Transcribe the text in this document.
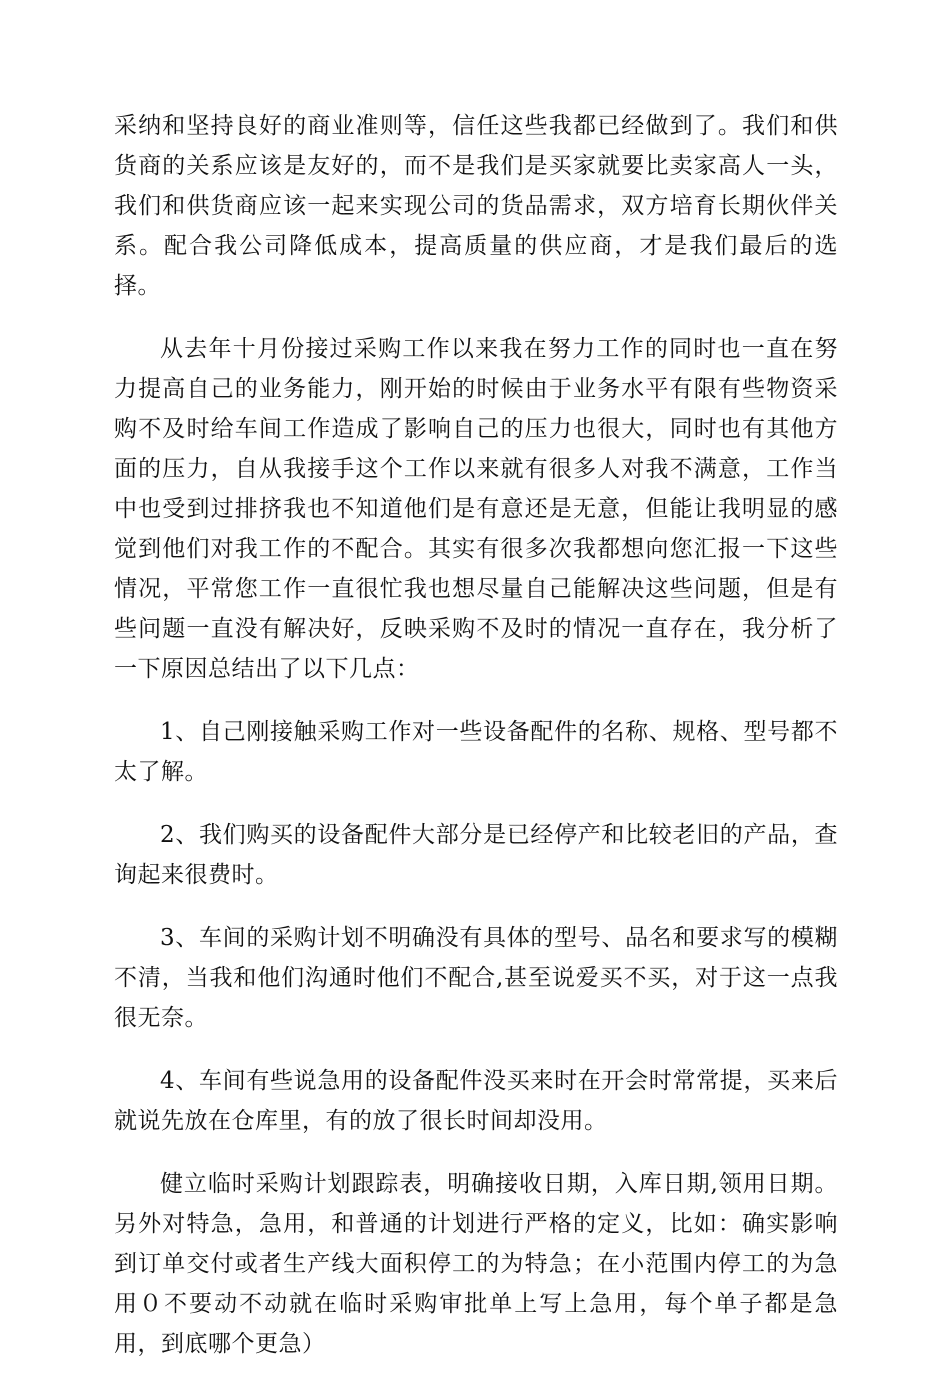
采纳和坚持良好的商业准则等，信任这些我都已经做到了。我们和供货商的关系应该是友好的，而不是我们是买家就要比卖家高人一头，我们和供货商应该一起来实现公司的货品需求，双方培育长期伙伴关系。配合我公司降低成本，提高质量的供应商，才是我们最后的选择。

从去年十月份接过采购工作以来我在努力工作的同时也一直在努力提高自己的业务能力，刚开始的时候由于业务水平有限有些物资采购不及时给车间工作造成了影响自己的压力也很大，同时也有其他方面的压力，自从我接手这个工作以来就有很多人对我不满意，工作当中也受到过排挤我也不知道他们是有意还是无意，但能让我明显的感觉到他们对我工作的不配合。其实有很多次我都想向您汇报一下这些情况，平常您工作一直很忙我也想尽量自己能解决这些问题，但是有些问题一直没有解决好，反映采购不及时的情况一直存在，我分析了一下原因总结出了以下几点：

1、自己刚接触采购工作对一些设备配件的名称、规格、型号都不太了解。

2、我们购买的设备配件大部分是已经停产和比较老旧的产品，查询起来很费时。

3、车间的采购计划不明确没有具体的型号、品名和要求写的模糊不清，当我和他们沟通时他们不配合,甚至说爱买不买，对于这一点我很无奈。

4、车间有些说急用的设备配件没买来时在开会时常常提，买来后就说先放在仓库里，有的放了很长时间却没用。

健立临时采购计划跟踪表，明确接收日期，入库日期,领用日期。另外对特急，急用，和普通的计划进行严格的定义，比如：确实影响到订单交付或者生产线大面积停工的为特急；在小范围内停工的为急用０不要动不动就在临时采购审批单上写上急用，每个单子都是急用，到底哪个更急）
